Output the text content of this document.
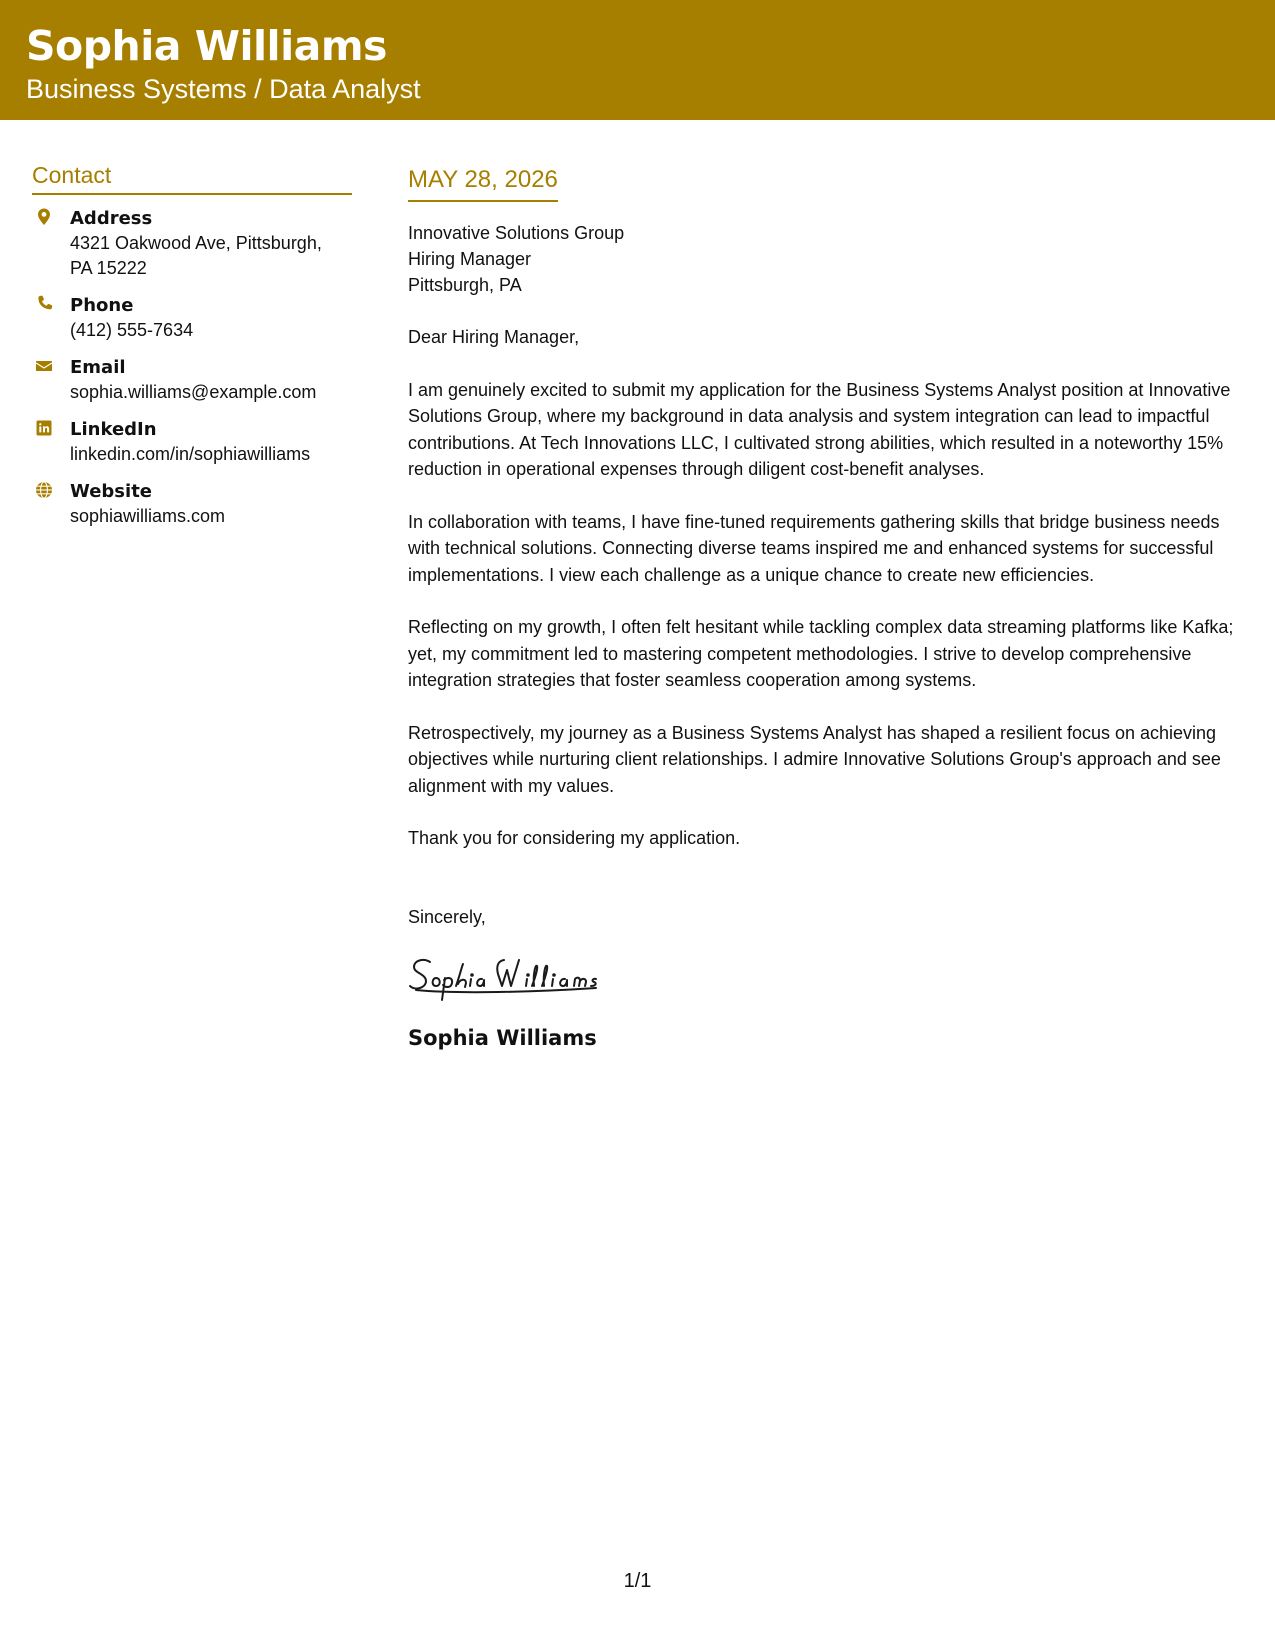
Sophia Williams
Business Systems / Data Analyst
Contact
Address
4321 Oakwood Ave, Pittsburgh,
PA 15222
Phone
(412) 555-7634
Email
sophia.williams@example.com
LinkedIn
linkedin.com/in/sophiawilliams
Website
sophiawilliams.com
MAY 28, 2026
Innovative Solutions Group
Hiring Manager
Pittsburgh, PA
Dear Hiring Manager,
I am genuinely excited to submit my application for the Business Systems Analyst position at Innovative Solutions Group, where my background in data analysis and system integration can lead to impactful contributions. At Tech Innovations LLC, I cultivated strong abilities, which resulted in a noteworthy 15% reduction in operational expenses through diligent cost-benefit analyses.
In collaboration with teams, I have fine-tuned requirements gathering skills that bridge business needs with technical solutions. Connecting diverse teams inspired me and enhanced systems for successful implementations. I view each challenge as a unique chance to create new efficiencies.
Reflecting on my growth, I often felt hesitant while tackling complex data streaming platforms like Kafka; yet, my commitment led to mastering competent methodologies. I strive to develop comprehensive integration strategies that foster seamless cooperation among systems.
Retrospectively, my journey as a Business Systems Analyst has shaped a resilient focus on achieving objectives while nurturing client relationships. I admire Innovative Solutions Group's approach and see alignment with my values.
Thank you for considering my application.
Sincerely,
Sophia Williams
1/1
